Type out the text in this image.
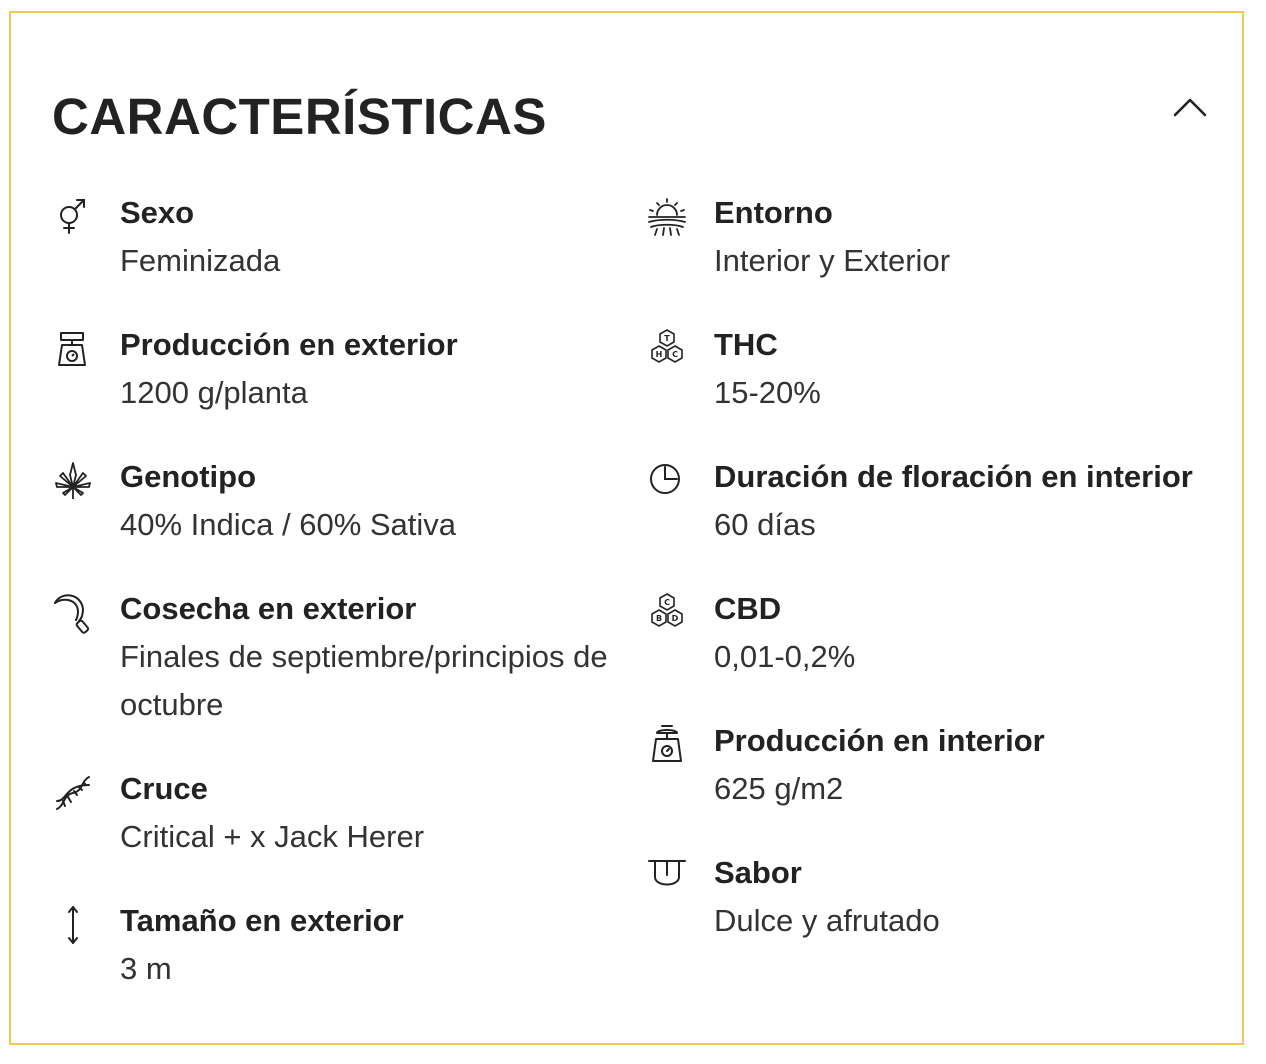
CARACTERÍSTICAS
Sexo
Feminizada
Producción en exterior
1200 g/planta
Genotipo
40% Indica / 60% Sativa
Cosecha en exterior
Finales de septiembre/principios de octubre
Cruce
Critical + x Jack Herer
Tamaño en exterior
3 m
Entorno
Interior y Exterior
T
H C THC
15-20%
Duración de floración en interior
60 días
C
B D CBD
0,01-0,2%
Producción en interior
625 g/m2
Sabor
Dulce y afrutado
